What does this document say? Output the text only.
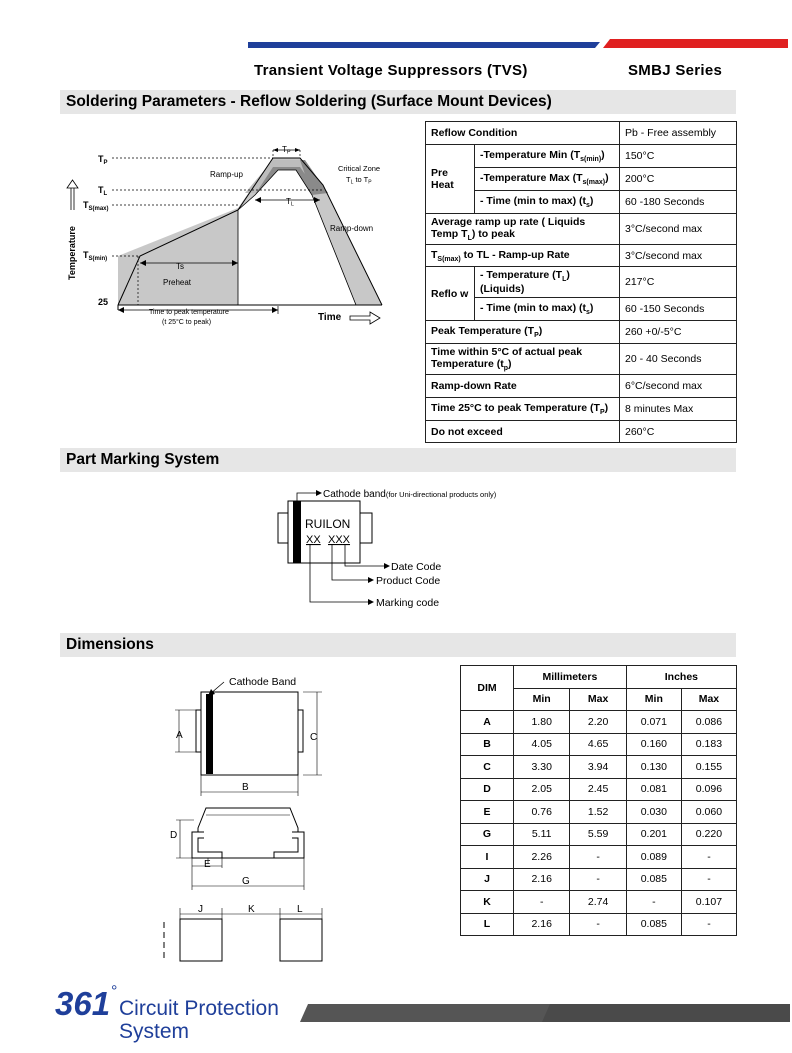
Transient Voltage Suppressors (TVS)	SMBJ Series
Soldering Parameters - Reflow Soldering (Surface Mount Devices)
$T_P$
$T_L$
$T_{S(max)}$
$T_{S(min)}$
25
Temperature
Time
Ramp-up
Ramp-down
Critical Zone
$T_L$ to $T_P$
Preheat
Ts
TL
TP
Time to peak temperature
(t 25°C to peak)
Reflow Condition		Pb - Free assembly
Pre Heat	-Temperature Min $(T_{s(min)})$	150°C
	-Temperature Max $(T_{s(max)})$	200°C
	- Time (min to max) $(t_s)$	60 -180 Seconds
Average ramp up rate ( Liquids Temp $T_L$) to peak		3°C/second max
$T_{S(max)}$ to TL - Ramp-up Rate		3°C/second max
Reflo w	- Temperature $(T_L)$ (Liquids)	217°C
	- Time (min to max) $(t_s)$	60 -150 Seconds
Peak Temperature $(T_P)$		260 +0/-5°C
Time within 5°C of actual peak Temperature $(t_p)$		20 - 40 Seconds
Ramp-down Rate		6°C/second max
Time 25°C to peak Temperature $(T_P)$		8 minutes Max
Do not exceed		260°C
Part Marking System
Cathode band(for Uni-directional products only)
RUILON
XX XXX
Date Code
Product Code
Marking code
Dimensions
Cathode Band
A	C
B
D
E
G
J	K	L
DIM	Millimeters		Inches	
	Min	Max	Min	Max
A	1.80	2.20	0.071	0.086
B	4.05	4.65	0.160	0.183
C	3.30	3.94	0.130	0.155
D	2.05	2.45	0.081	0.096
E	0.76	1.52	0.030	0.060
G	5.11	5.59	0.201	0.220
I	2.26	-	0.089	-
J	2.16	-	0.085	-
K	-	2.74	-	0.107
L	2.16	-	0.085	-
361 °
Circuit Protection
System
